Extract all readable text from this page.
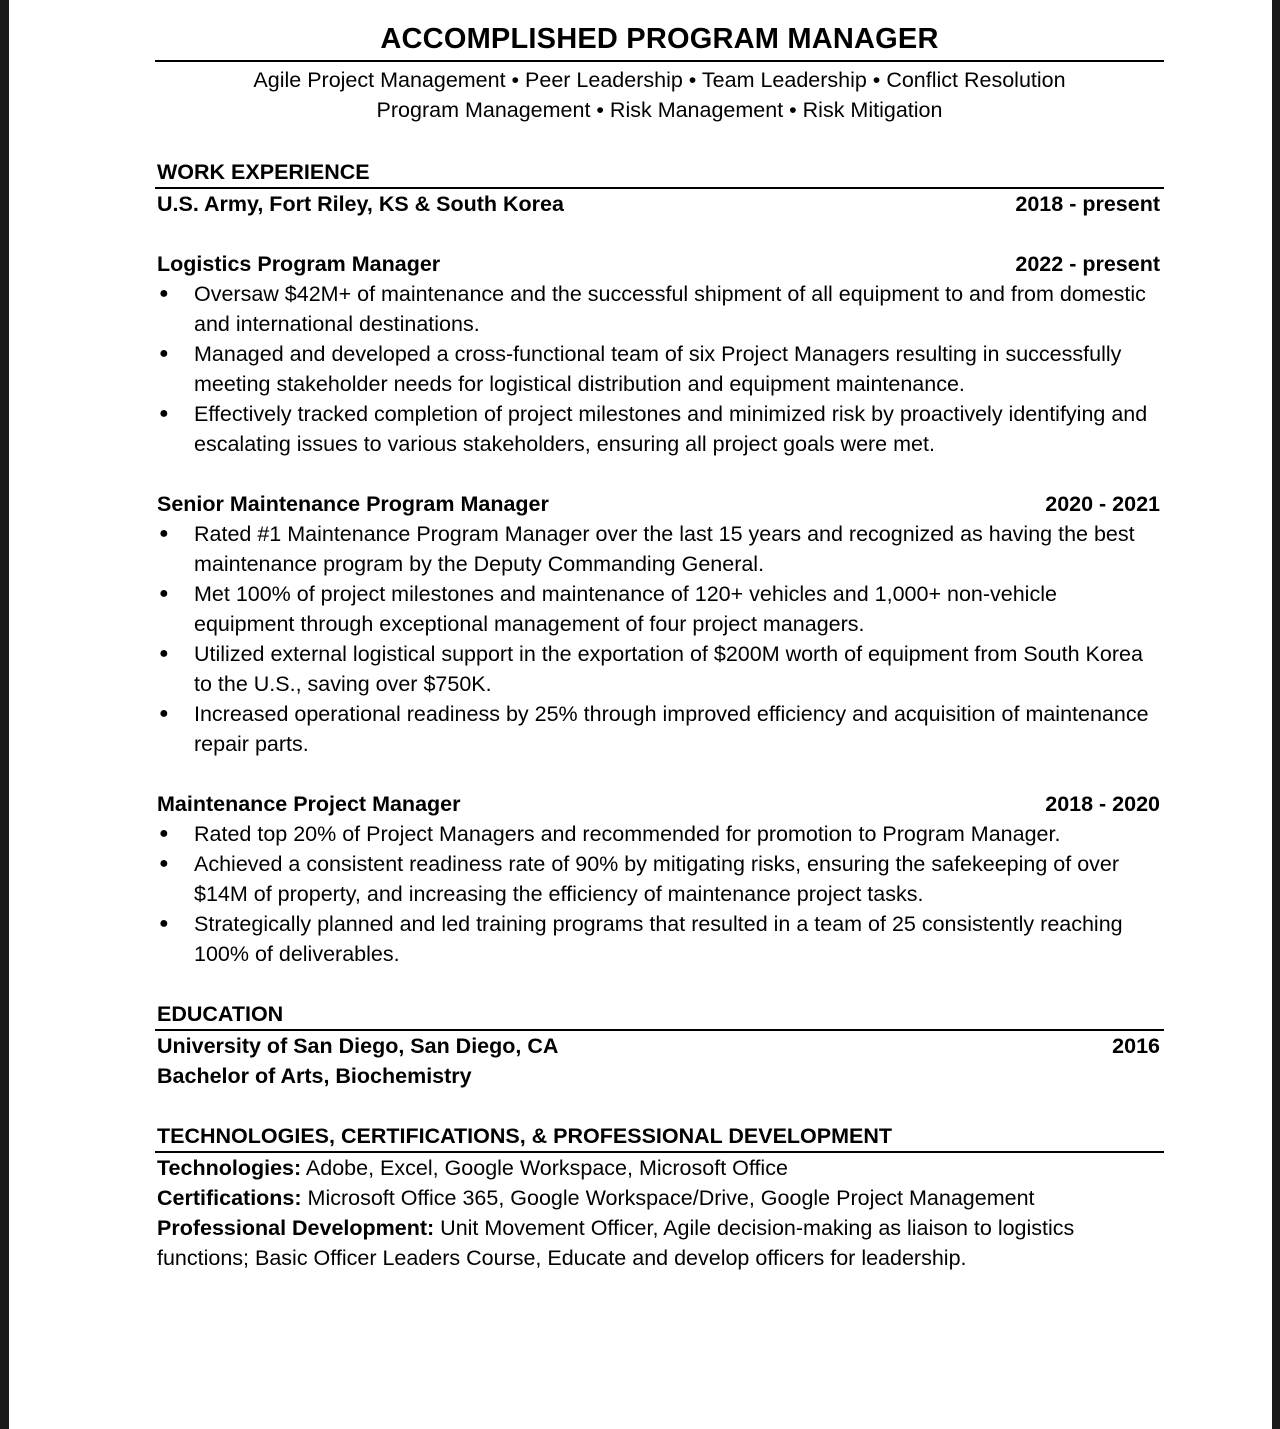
ACCOMPLISHED PROGRAM MANAGER
Agile Project Management • Peer Leadership • Team Leadership • Conflict Resolution
Program Management • Risk Management • Risk Mitigation
WORK EXPERIENCE
U.S. Army, Fort Riley, KS & South Korea	2018 - present
Logistics Program Manager	2022 - present
● Oversaw $42M+ of maintenance and the successful shipment of all equipment to and from domestic and international destinations.
● Managed and developed a cross-functional team of six Project Managers resulting in successfully meeting stakeholder needs for logistical distribution and equipment maintenance.
● Effectively tracked completion of project milestones and minimized risk by proactively identifying and escalating issues to various stakeholders, ensuring all project goals were met.
Senior Maintenance Program Manager	2020 - 2021
● Rated #1 Maintenance Program Manager over the last 15 years and recognized as having the best maintenance program by the Deputy Commanding General.
● Met 100% of project milestones and maintenance of 120+ vehicles and 1,000+ non-vehicle equipment through exceptional management of four project managers.
● Utilized external logistical support in the exportation of $200M worth of equipment from South Korea to the U.S., saving over $750K.
● Increased operational readiness by 25% through improved efficiency and acquisition of maintenance repair parts.
Maintenance Project Manager	2018 - 2020
● Rated top 20% of Project Managers and recommended for promotion to Program Manager.
● Achieved a consistent readiness rate of 90% by mitigating risks, ensuring the safekeeping of over $14M of property, and increasing the efficiency of maintenance project tasks.
● Strategically planned and led training programs that resulted in a team of 25 consistently reaching 100% of deliverables.
EDUCATION
University of San Diego, San Diego, CA	2016
Bachelor of Arts, Biochemistry
TECHNOLOGIES, CERTIFICATIONS, & PROFESSIONAL DEVELOPMENT
Technologies: Adobe, Excel, Google Workspace, Microsoft Office
Certifications: Microsoft Office 365, Google Workspace/Drive, Google Project Management
Professional Development: Unit Movement Officer, Agile decision-making as liaison to logistics functions; Basic Officer Leaders Course, Educate and develop officers for leadership.
